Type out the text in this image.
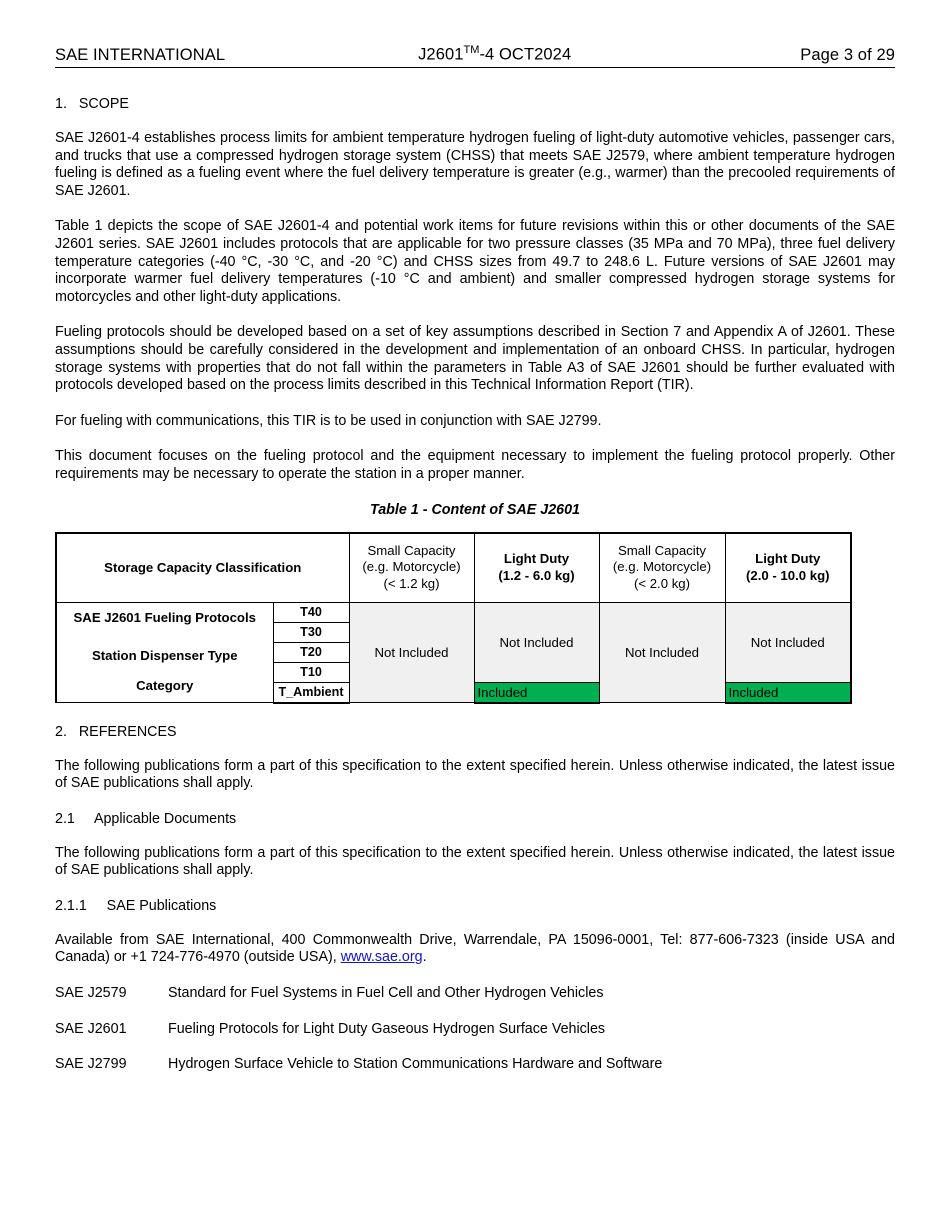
SAE INTERNATIONAL	J2601™-4 OCT2024	Page 3 of 29
1.   SCOPE

SAE J2601-4 establishes process limits for ambient temperature hydrogen fueling of light-duty automotive vehicles, passenger cars, and trucks that use a compressed hydrogen storage system (CHSS) that meets SAE J2579, where ambient temperature hydrogen fueling is defined as a fueling event where the fuel delivery temperature is greater (e.g., warmer) than the precooled requirements of SAE J2601.

Table 1 depicts the scope of SAE J2601-4 and potential work items for future revisions within this or other documents of the SAE J2601 series. SAE J2601 includes protocols that are applicable for two pressure classes (35 MPa and 70 MPa), three fuel delivery temperature categories (-40 °C, -30 °C, and -20 °C) and CHSS sizes from 49.7 to 248.6 L. Future versions of SAE J2601 may incorporate warmer fuel delivery temperatures (-10 °C and ambient) and smaller compressed hydrogen storage systems for motorcycles and other light-duty applications.

Fueling protocols should be developed based on a set of key assumptions described in Section 7 and Appendix A of J2601. These assumptions should be carefully considered in the development and implementation of an onboard CHSS. In particular, hydrogen storage systems with properties that do not fall within the parameters in Table A3 of SAE J2601 should be further evaluated with protocols developed based on the process limits described in this Technical Information Report (TIR).

For fueling with communications, this TIR is to be used in conjunction with SAE J2799.

This document focuses on the fueling protocol and the equipment necessary to implement the fueling protocol properly. Other requirements may be necessary to operate the station in a proper manner.

Table 1 - Content of SAE J2601
Storage Capacity Classification		Small Capacity
(e.g. Motorcycle)
(< 1.2 kg)	Light Duty
(1.2 - 6.0 kg)	Small Capacity
(e.g. Motorcycle)
(< 2.0 kg)	Light Duty
(2.0 - 10.0 kg)

SAE J2601 Fueling Protocols
Station Dispenser Type Category	T40	Not Included	Not Included	Not Included	Not Included
	T30				
	T20				
	T10				
	T_Ambient		Included		Included
2.   REFERENCES

The following publications form a part of this specification to the extent specified herein. Unless otherwise indicated, the latest issue of SAE publications shall apply.

2.1     Applicable Documents

The following publications form a part of this specification to the extent specified herein. Unless otherwise indicated, the latest issue of SAE publications shall apply.

2.1.1     SAE Publications

Available from SAE International, 400 Commonwealth Drive, Warrendale, PA 15096-0001, Tel: 877-606-7323 (inside USA and Canada) or +1 724-776-4970 (outside USA), www.sae.org.

SAE J2579	Standard for Fuel Systems in Fuel Cell and Other Hydrogen Vehicles
SAE J2601	Fueling Protocols for Light Duty Gaseous Hydrogen Surface Vehicles
SAE J2799	Hydrogen Surface Vehicle to Station Communications Hardware and Software
